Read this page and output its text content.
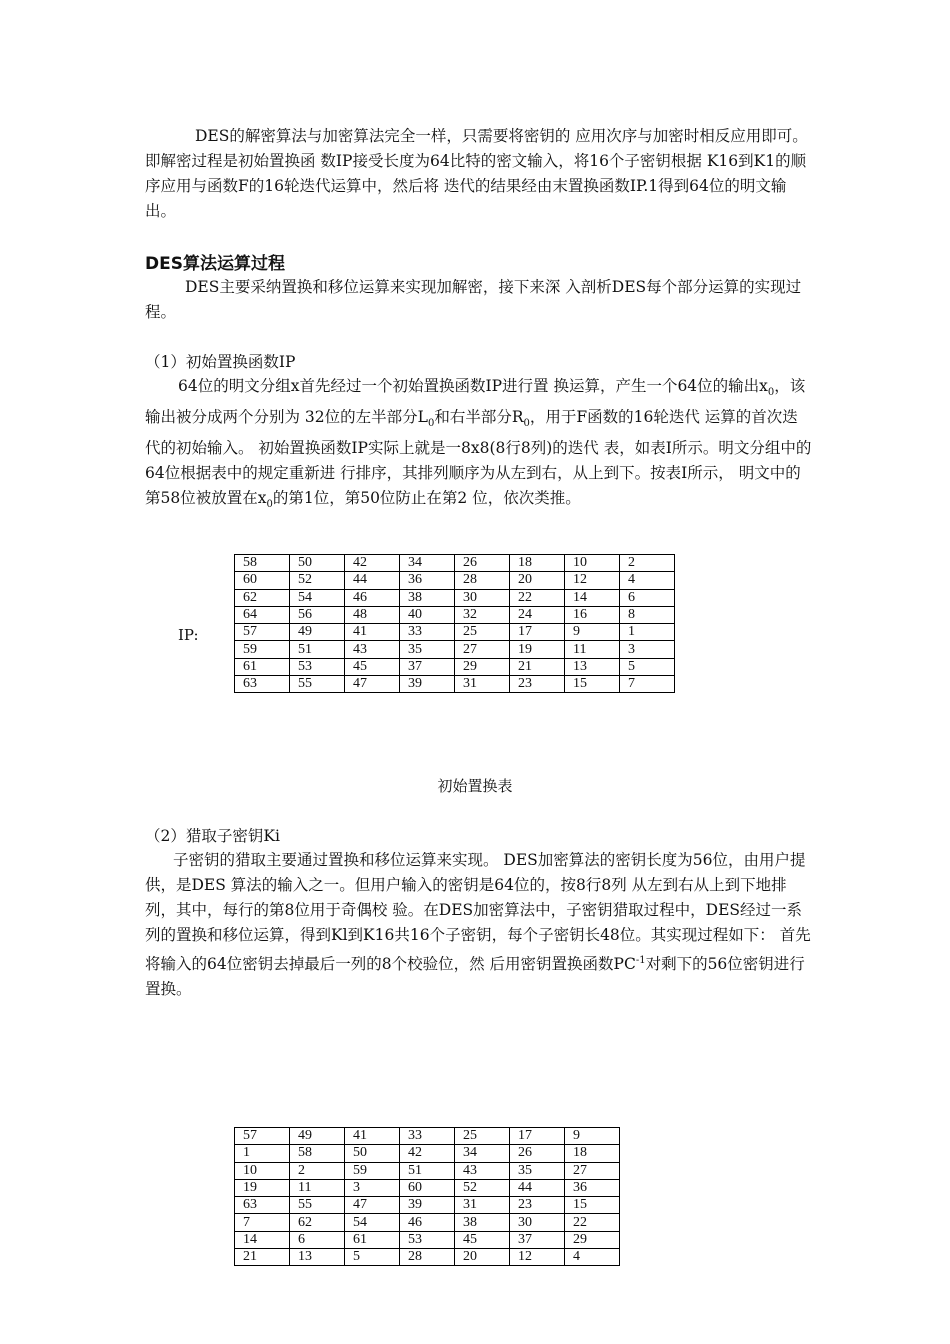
DES的解密算法与加密算法完全一样，只需要将密钥的 应用次序与加密时相反应用即可。即解密过程是初始置换函 数IP接受长度为64比特的密文输入，将16个子密钥根据 K16到K1的顺序应用与函数F的16轮迭代运算中，然后将 迭代的结果经由末置换函数IP.1得到64位的明文输出。

DES算法运算过程

DES主要采纳置换和移位运算来实现加解密，接下来深 入剖析DES每个部分运算的实现过程。

（1）初始置换函数IP

64位的明文分组x首先经过一个初始置换函数IP进行置 换运算，产生一个64位的输出$x_0$，该输出被分成两个分别为 32位的左半部分$L_0$和右半部分$R_0$，用于F函数的16轮迭代 运算的首次迭代的初始输入。 初始置换函数IP实际上就是一8x8(8行8列)的迭代 表，如表I所示。明文分组中的64位根据表中的规定重新进 行排序，其排列顺序为从左到右，从上到下。按表I所示， 明文中的第58位被放置在$x_0$的第1位，第50位防止在第2 位，依次类推。

IP:

58	50	42	34	26	18	10	2
60	52	44	36	28	20	12	4
62	54	46	38	30	22	14	6
64	56	48	40	32	24	16	8
57	49	41	33	25	17	9	1
59	51	43	35	27	19	11	3
61	53	45	37	29	21	13	5
63	55	47	39	31	23	15	7

初始置换表

（2）猎取子密钥Ki

子密钥的猎取主要通过置换和移位运算来实现。 DES加密算法的密钥长度为56位，由用户提供，是DES 算法的输入之一。但用户输入的密钥是64位的，按8行8列 从左到右从上到下地排列，其中，每行的第8位用于奇偶校 验。在DES加密算法中，子密钥猎取过程中，DES经过一系 列的置换和移位运算，得到Kl到K16共16个子密钥，每个子密钥长48位。其实现过程如下： 首先将输入的64位密钥去掉最后一列的8个校验位，然 后用密钥置换函数$PC^{-1}$对剩下的56位密钥进行置换。

57	49	41	33	25	17	9
1	58	50	42	34	26	18
10	2	59	51	43	35	27
19	11	3	60	52	44	36
63	55	47	39	31	23	15
7	62	54	46	38	30	22
14	6	61	53	45	37	29
21	13	5	28	20	12	4
